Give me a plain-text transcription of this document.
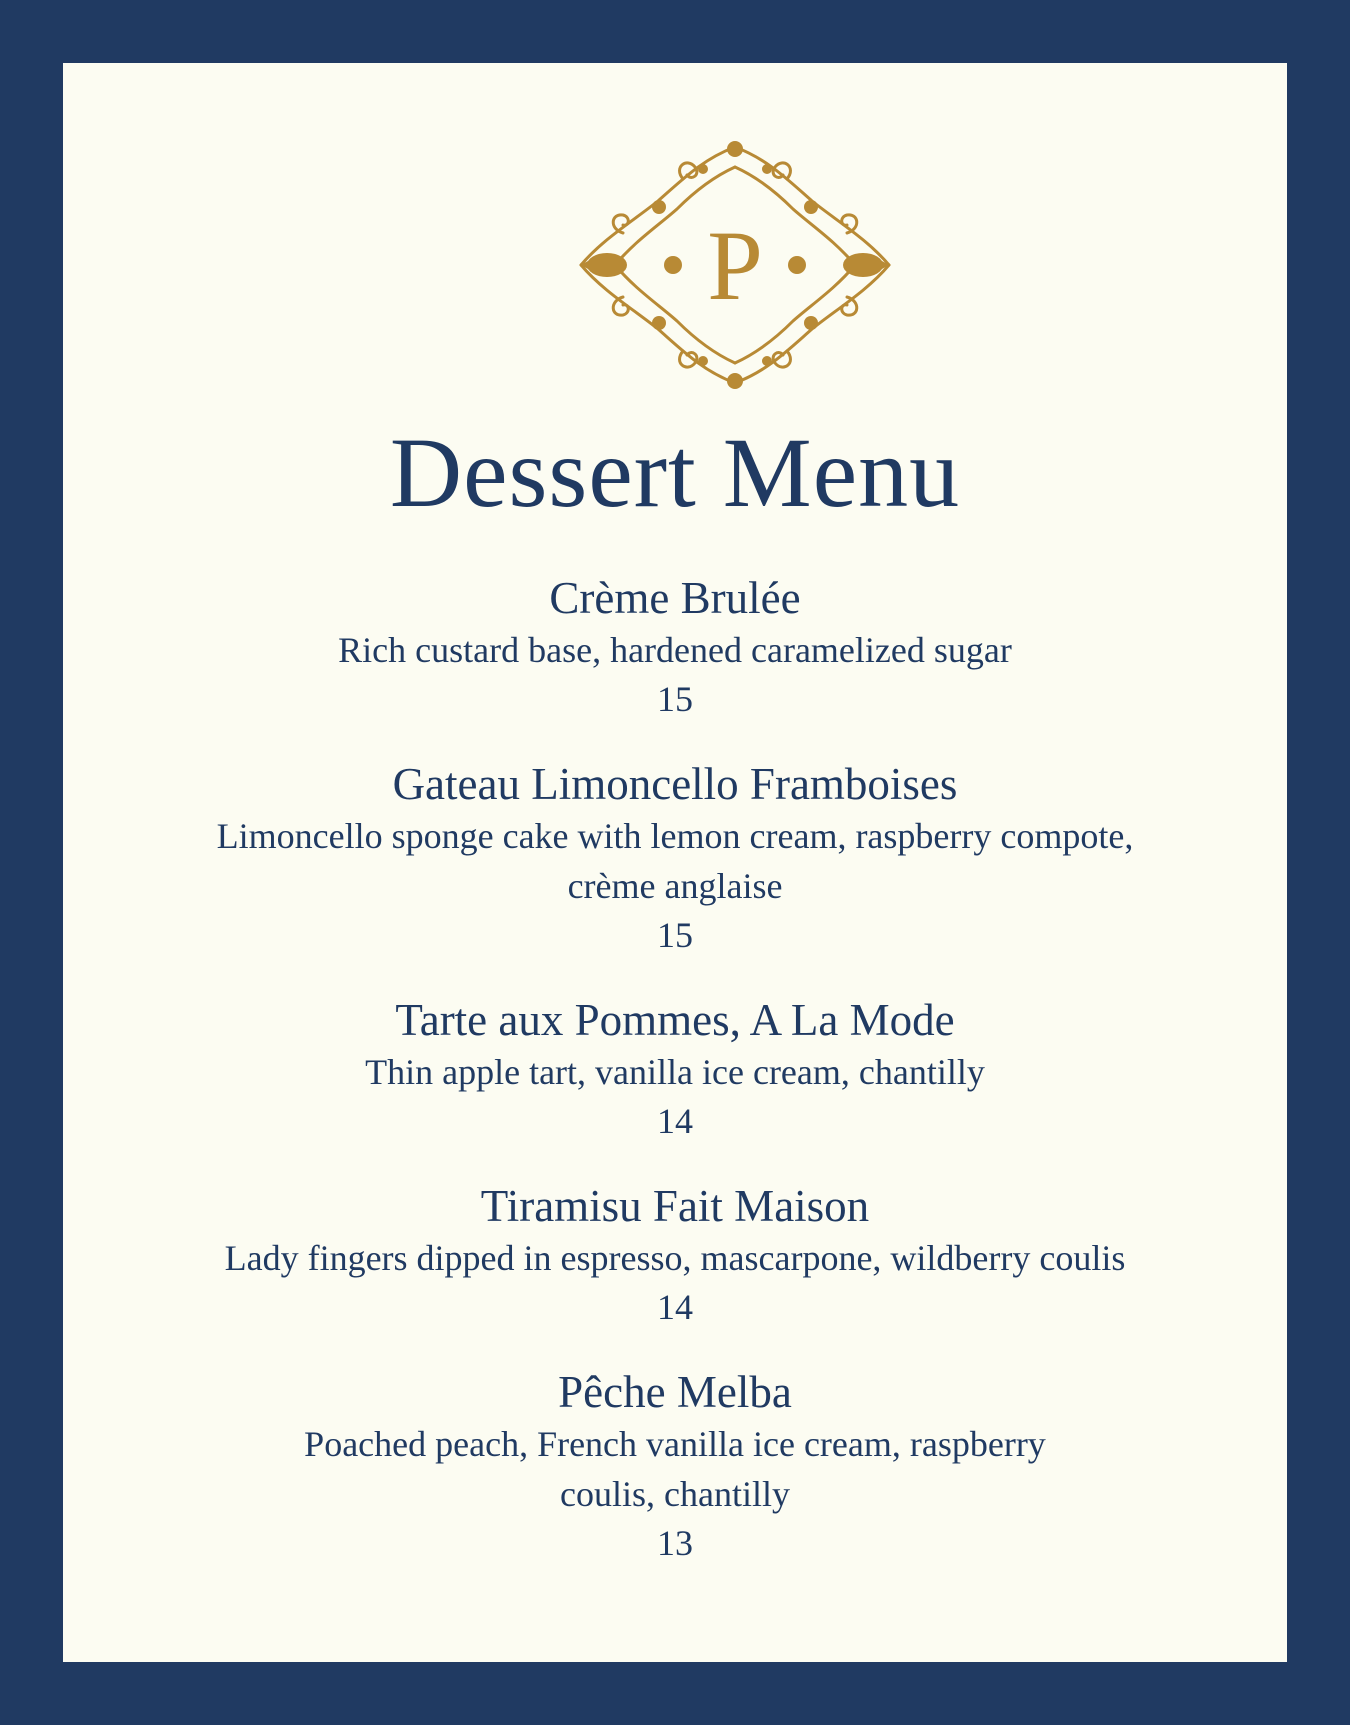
P
Dessert Menu
Crème Brulée
Rich custard base, hardened caramelized sugar
15
Gateau Limoncello Framboises
Limoncello sponge cake with lemon cream, raspberry compote,
crème anglaise
15
Tarte aux Pommes, A La Mode
Thin apple tart, vanilla ice cream, chantilly
14
Tiramisu Fait Maison
Lady fingers dipped in espresso, mascarpone, wildberry coulis
14
Pêche Melba
Poached peach, French vanilla ice cream, raspberry
coulis, chantilly
13
